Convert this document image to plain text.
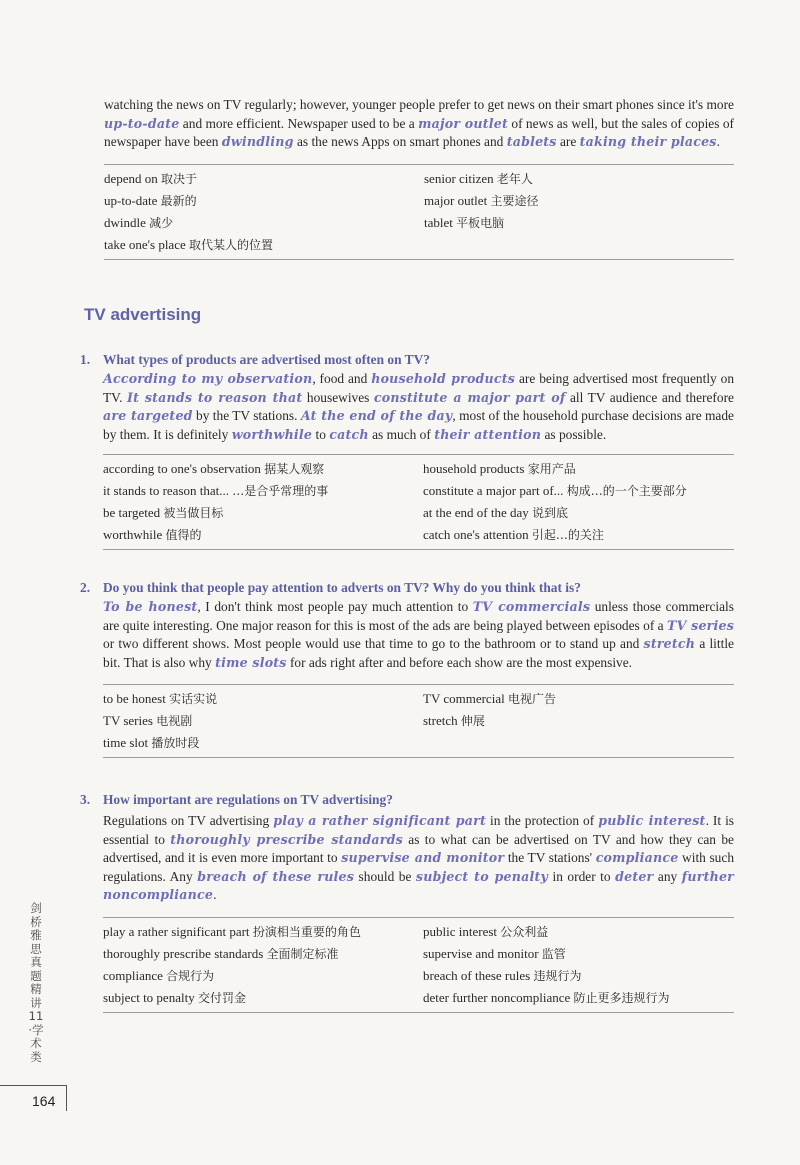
watching the news on TV regularly; however, younger people prefer to get news on their smart phones since it's more up-to-date and more efficient. Newspaper used to be a major outlet of news as well, but the sales of copies of newspaper have been dwindling as the news Apps on smart phones and tablets are taking their places.

depend on 取决于
up-to-date 最新的
dwindle 减少
take one's place 取代某人的位置
senior citizen 老年人
major outlet 主要途径
tablet 平板电脑
TV advertising
1. What types of products are advertised most often on TV?

According to my observation, food and household products are being advertised most frequently on TV. It stands to reason that housewives constitute a major part of all TV audience and therefore are targeted by the TV stations. At the end of the day, most of the household purchase decisions are made by them. It is definitely worthwhile to catch as much of their attention as possible.

according to one's observation 据某人观察
it stands to reason that... …是合乎常理的事
be targeted 被当做目标
worthwhile 值得的
household products 家用产品
constitute a major part of... 构成…的一个主要部分
at the end of the day 说到底
catch one's attention 引起…的关注
2. Do you think that people pay attention to adverts on TV? Why do you think that is?

To be honest, I don't think most people pay much attention to TV commercials unless those commercials are quite interesting. One major reason for this is most of the ads are being played between episodes of a TV series or two different shows. Most people would use that time to go to the bathroom or to stand up and stretch a little bit. That is also why time slots for ads right after and before each show are the most expensive.

to be honest 实话实说
TV series 电视剧
time slot 播放时段
TV commercial 电视广告
stretch 伸展
3. How important are regulations on TV advertising?

Regulations on TV advertising play a rather significant part in the protection of public interest. It is essential to thoroughly prescribe standards as to what can be advertised on TV and how they can be advertised, and it is even more important to supervise and monitor the TV stations' compliance with such regulations. Any breach of these rules should be subject to penalty in order to deter any further noncompliance.

play a rather significant part 扮演相当重要的角色
thoroughly prescribe standards 全面制定标准
compliance 合规行为
subject to penalty 交付罚金
public interest 公众利益
supervise and monitor 监管
breach of these rules 违规行为
deter further noncompliance 防止更多违规行为
剑桥雅思真题精讲11·学术类
164
